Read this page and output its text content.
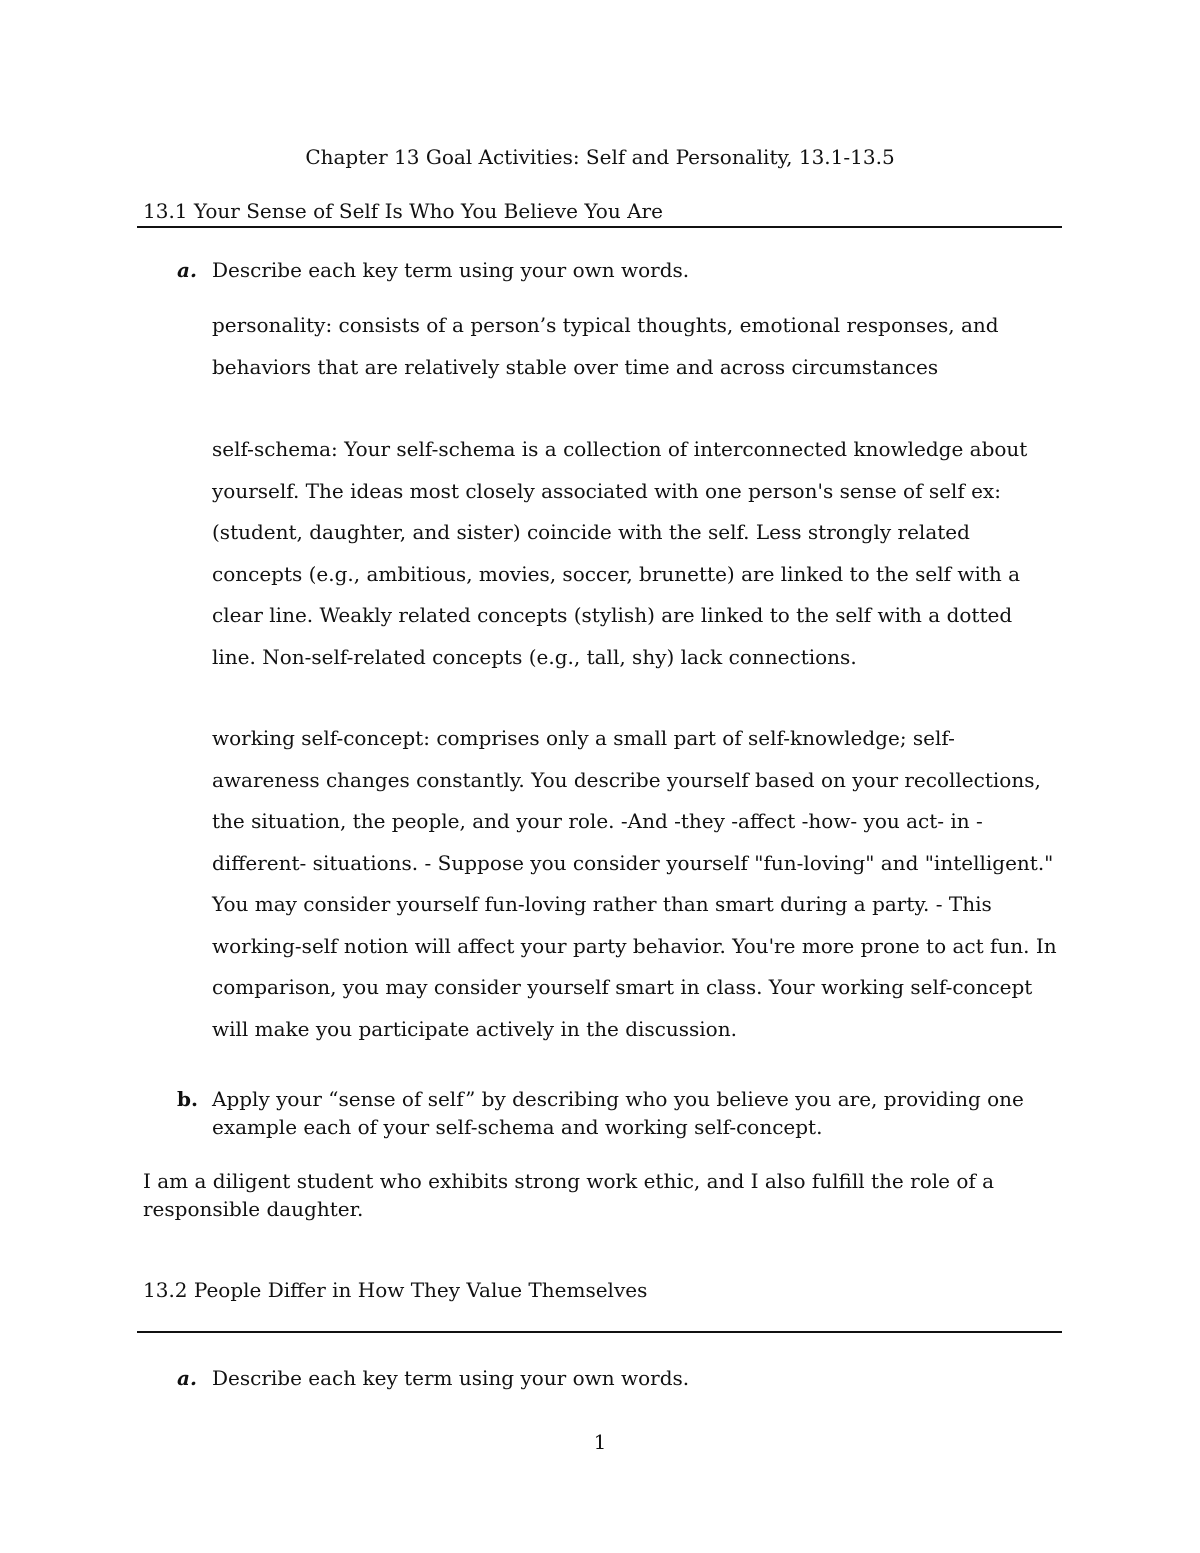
Chapter 13 Goal Activities: Self and Personality, 13.1-13.5
13.1 Your Sense of Self Is Who You Believe You Are
a. Describe each key term using your own words.
personality: consists of a person’s typical thoughts, emotional responses, and behaviors that are relatively stable over time and across circumstances
self-schema: Your self-schema is a collection of interconnected knowledge about yourself. The ideas most closely associated with one person's sense of self ex: (student, daughter, and sister) coincide with the self. Less strongly related concepts (e.g., ambitious, movies, soccer, brunette) are linked to the self with a clear line. Weakly related concepts (stylish) are linked to the self with a dotted line. Non-self-related concepts (e.g., tall, shy) lack connections.
working self-concept: comprises only a small part of self-knowledge; self-awareness changes constantly. You describe yourself based on your recollections, the situation, the people, and your role. -And -they -affect -how- you act- in -different- situations. - Suppose you consider yourself "fun-loving" and "intelligent." You may consider yourself fun-loving rather than smart during a party. - This working-self notion will affect your party behavior. You're more prone to act fun. In comparison, you may consider yourself smart in class. Your working self-concept will make you participate actively in the discussion.
b. Apply your “sense of self” by describing who you believe you are, providing one example each of your self-schema and working self-concept.
I am a diligent student who exhibits strong work ethic, and I also fulfill the role of a responsible daughter.
13.2 People Differ in How They Value Themselves
a. Describe each key term using your own words.
1
